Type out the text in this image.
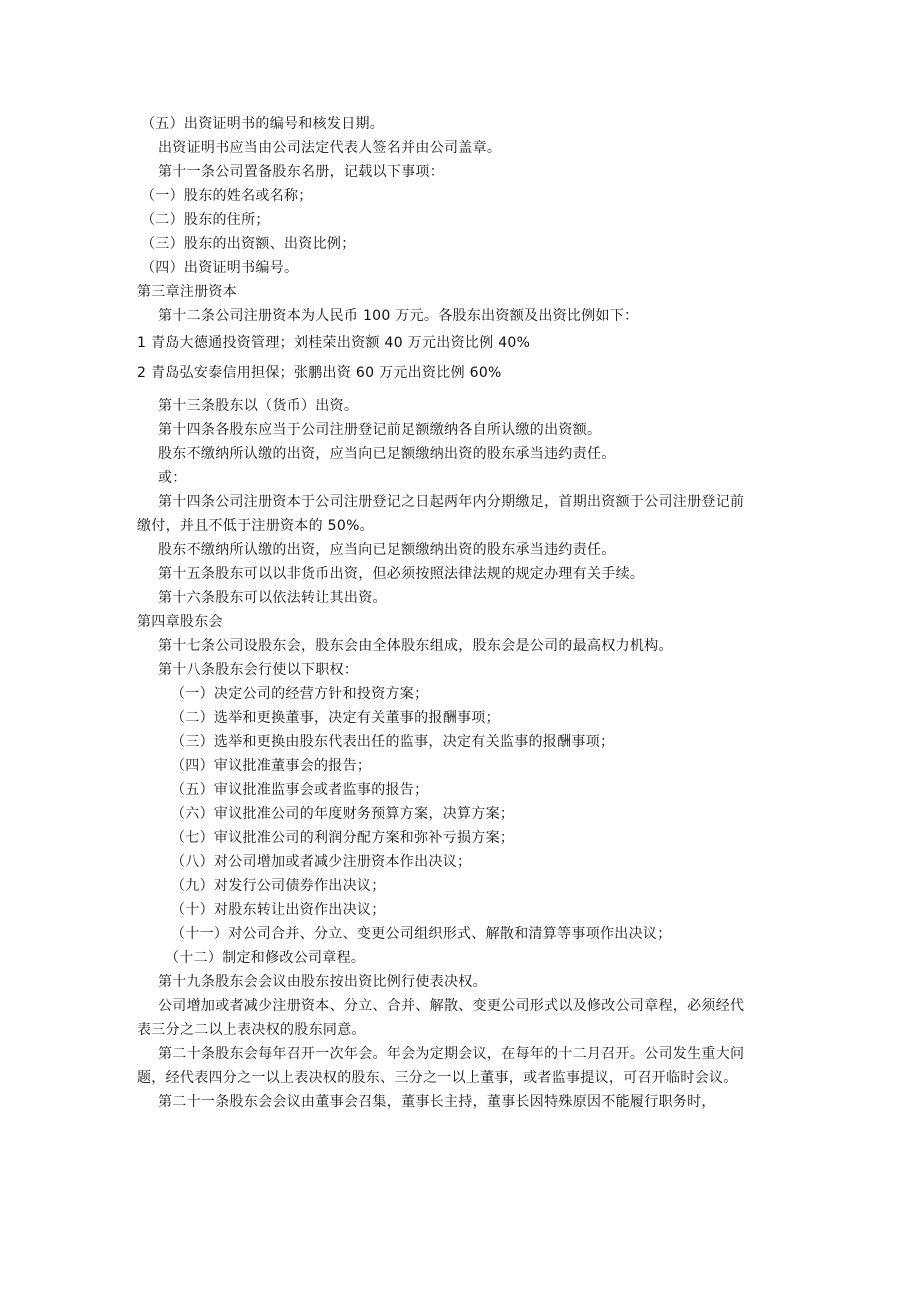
（五）出资证明书的编号和核发日期。
出资证明书应当由公司法定代表人签名并由公司盖章。
第十一条公司置备股东名册，记载以下事项：
（一）股东的姓名或名称；
（二）股东的住所；
（三）股东的出资额、出资比例；
（四）出资证明书编号。
第三章注册资本
第十二条公司注册资本为人民币 100 万元。各股东出资额及出资比例如下：
1 青岛大德通投资管理；刘桂荣出资额 40 万元出资比例 40%
2 青岛弘安泰信用担保；张鹏出资 60 万元出资比例 60%
第十三条股东以（货币）出资。
第十四条各股东应当于公司注册登记前足额缴纳各自所认缴的出资额。
股东不缴纳所认缴的出资，应当向已足额缴纳出资的股东承当违约责任。
或：
第十四条公司注册资本于公司注册登记之日起两年内分期缴足，首期出资额于公司注册登记前
缴付，并且不低于注册资本的 50%。
股东不缴纳所认缴的出资，应当向已足额缴纳出资的股东承当违约责任。
第十五条股东可以以非货币出资，但必须按照法律法规的规定办理有关手续。
第十六条股东可以依法转让其出资。
第四章股东会
第十七条公司设股东会，股东会由全体股东组成，股东会是公司的最高权力机构。
第十八条股东会行使以下职权：
（一）决定公司的经营方针和投资方案；
（二）选举和更换董事，决定有关董事的报酬事项；
（三）选举和更换由股东代表出任的监事，决定有关监事的报酬事项；
（四）审议批准董事会的报告；
（五）审议批准监事会或者监事的报告；
（六）审议批准公司的年度财务预算方案，决算方案；
（七）审议批准公司的利润分配方案和弥补亏损方案；
（八）对公司增加或者减少注册资本作出决议；
（九）对发行公司债券作出决议；
（十）对股东转让出资作出决议；
（十一）对公司合并、分立、变更公司组织形式、解散和清算等事项作出决议；
（十二）制定和修改公司章程。
第十九条股东会会议由股东按出资比例行使表决权。
公司增加或者减少注册资本、分立、合并、解散、变更公司形式以及修改公司章程，必须经代
表三分之二以上表决权的股东同意。
第二十条股东会每年召开一次年会。年会为定期会议，在每年的十二月召开。公司发生重大问
题，经代表四分之一以上表决权的股东、三分之一以上董事，或者监事提议，可召开临时会议。
第二十一条股东会会议由董事会召集，董事长主持，董事长因特殊原因不能履行职务时，
